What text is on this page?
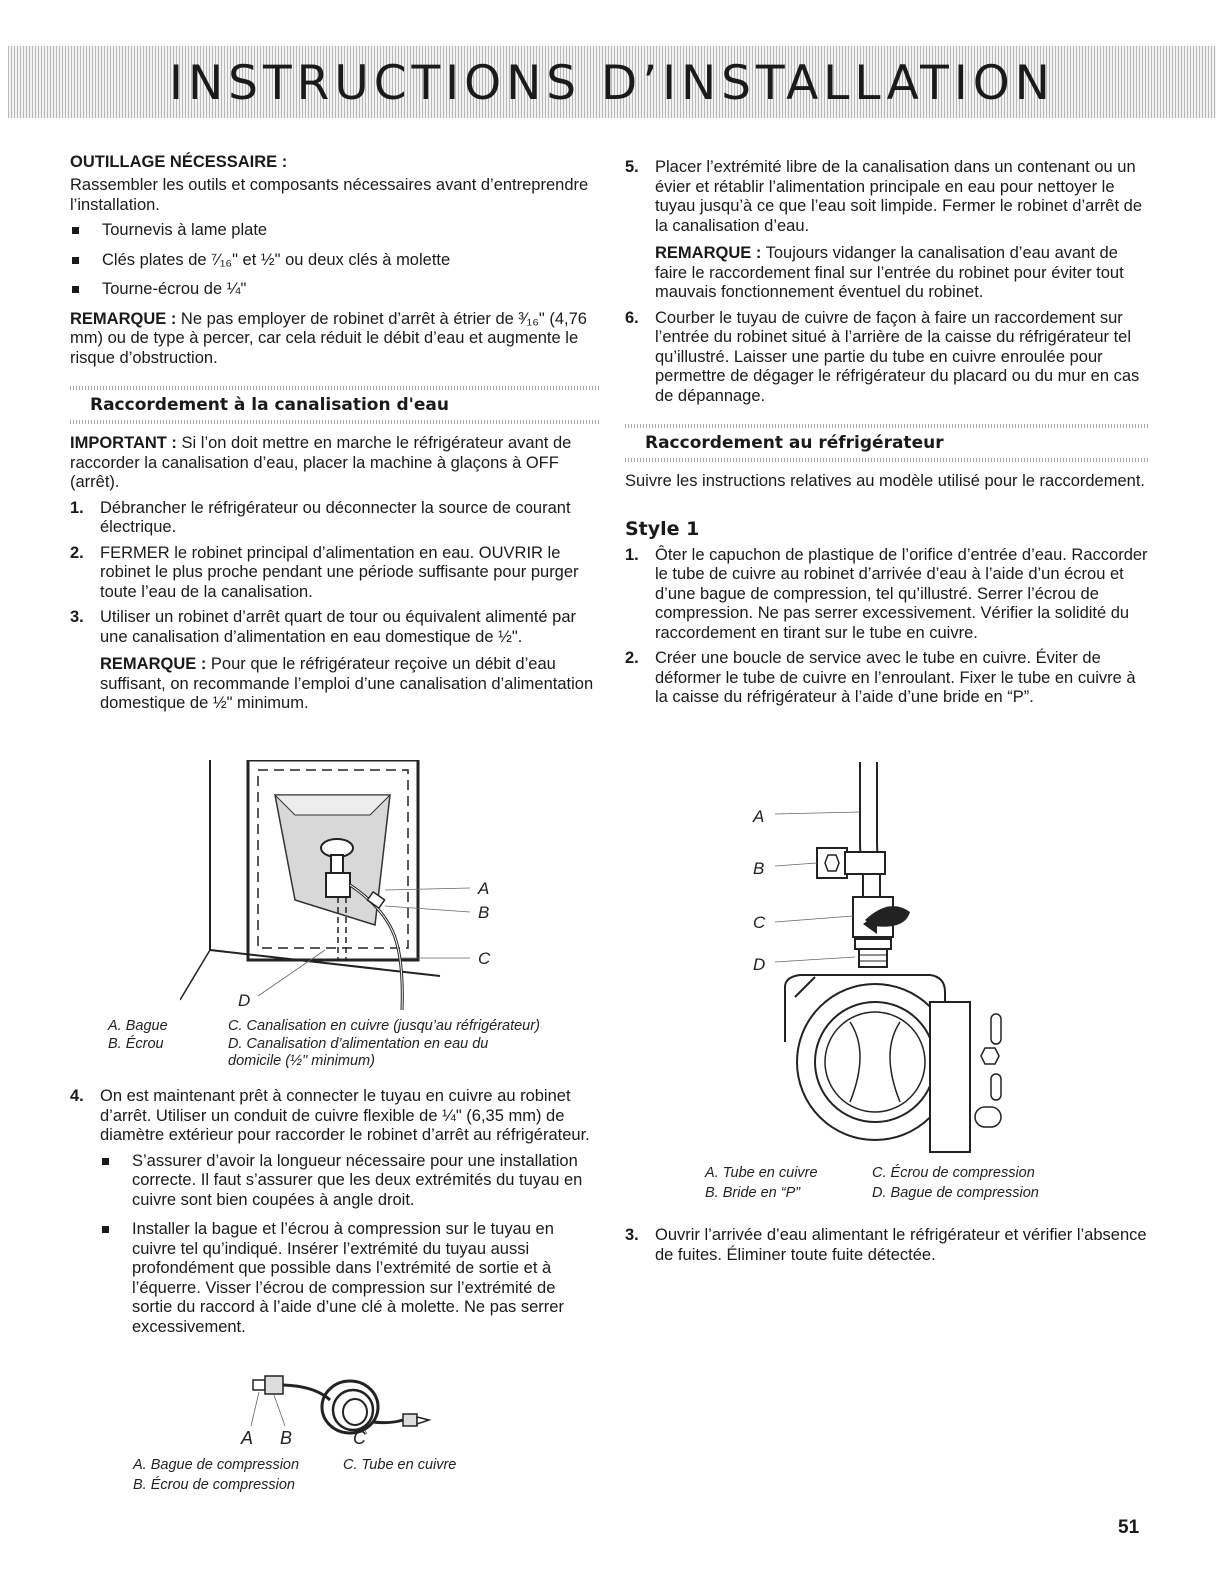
INSTRUCTIONS D’INSTALLATION

OUTILLAGE NÉCESSAIRE :

Rassembler les outils et composants nécessaires avant d’entreprendre l’installation.

Tournevis à lame plate
Clés plates de ⁷⁄₁₆" et ½" ou deux clés à molette
Tourne-écrou de ¼"

REMARQUE : Ne pas employer de robinet d’arrêt à étrier de ³⁄₁₆" (4,76 mm) ou de type à percer, car cela réduit le débit d’eau et augmente le risque d’obstruction.

Raccordement à la canalisation d'eau

IMPORTANT : Si l’on doit mettre en marche le réfrigérateur avant de raccorder la canalisation d’eau, placer la machine à glaçons à OFF (arrêt).

1. Débrancher le réfrigérateur ou déconnecter la source de courant électrique.
2. FERMER le robinet principal d’alimentation en eau. OUVRIR le robinet le plus proche pendant une période suffisante pour purger toute l’eau de la canalisation.
3. Utiliser un robinet d’arrêt quart de tour ou équivalent alimenté par une canalisation d’alimentation en eau domestique de ½".

REMARQUE : Pour que le réfrigérateur reçoive un débit d’eau suffisant, on recommande l’emploi d’une canalisation d’alimentation domestique de ½" minimum.

A
B
C
D
A. Bague
B. Écrou
C. Canalisation en cuivre (jusqu’au réfrigérateur)
D. Canalisation d’alimentation en eau du domicile (½" minimum)
4. On est maintenant prêt à connecter le tuyau en cuivre au robinet d’arrêt. Utiliser un conduit de cuivre flexible de ¼" (6,35 mm) de diamètre extérieur pour raccorder le robinet d’arrêt au réfrigérateur.
S’assurer d’avoir la longueur nécessaire pour une installation correcte. Il faut s’assurer que les deux extrémités du tuyau en cuivre sont bien coupées à angle droit.
Installer la bague et l’écrou à compression sur le tuyau en cuivre tel qu’indiqué. Insérer l’extrémité du tuyau aussi profondément que possible dans l’extrémité de sortie et à l’équerre. Visser l’écrou de compression sur l’extrémité de sortie du raccord à l’aide d’une clé à molette. Ne pas serrer excessivement.
A B	C
A. Bague de compression
B. Écrou de compression
C. Tube en cuivre
5. Placer l’extrémité libre de la canalisation dans un contenant ou un évier et rétablir l’alimentation principale en eau pour nettoyer le tuyau jusqu’à ce que l’eau soit limpide. Fermer le robinet d’arrêt de la canalisation d’eau.

REMARQUE : Toujours vidanger la canalisation d’eau avant de faire le raccordement final sur l’entrée du robinet pour éviter tout mauvais fonctionnement éventuel du robinet.

6. Courber le tuyau de cuivre de façon à faire un raccordement sur l’entrée du robinet situé à l’arrière de la caisse du réfrigérateur tel qu’illustré. Laisser une partie du tube en cuivre enroulée pour permettre de dégager le réfrigérateur du placard ou du mur en cas de dépannage.
Raccordement au réfrigérateur

Suivre les instructions relatives au modèle utilisé pour le raccordement.

Style 1
1. Ôter le capuchon de plastique de l’orifice d’entrée d’eau. Raccorder le tube de cuivre au robinet d’arrivée d’eau à l’aide d’un écrou et d’une bague de compression, tel qu’illustré. Serrer l’écrou de compression. Ne pas serrer excessivement. Vérifier la solidité du raccordement en tirant sur le tube en cuivre.
2. Créer une boucle de service avec le tube en cuivre. Éviter de déformer le tube de cuivre en l’enroulant. Fixer le tube en cuivre à la caisse du réfrigérateur à l’aide d’une bride en “P”.
A
B
C
D
A. Tube en cuivre
B. Bride en “P”
C. Écrou de compression
D. Bague de compression
3. Ouvrir l’arrivée d’eau alimentant le réfrigérateur et vérifier l’absence de fuites. Éliminer toute fuite détectée.
51
